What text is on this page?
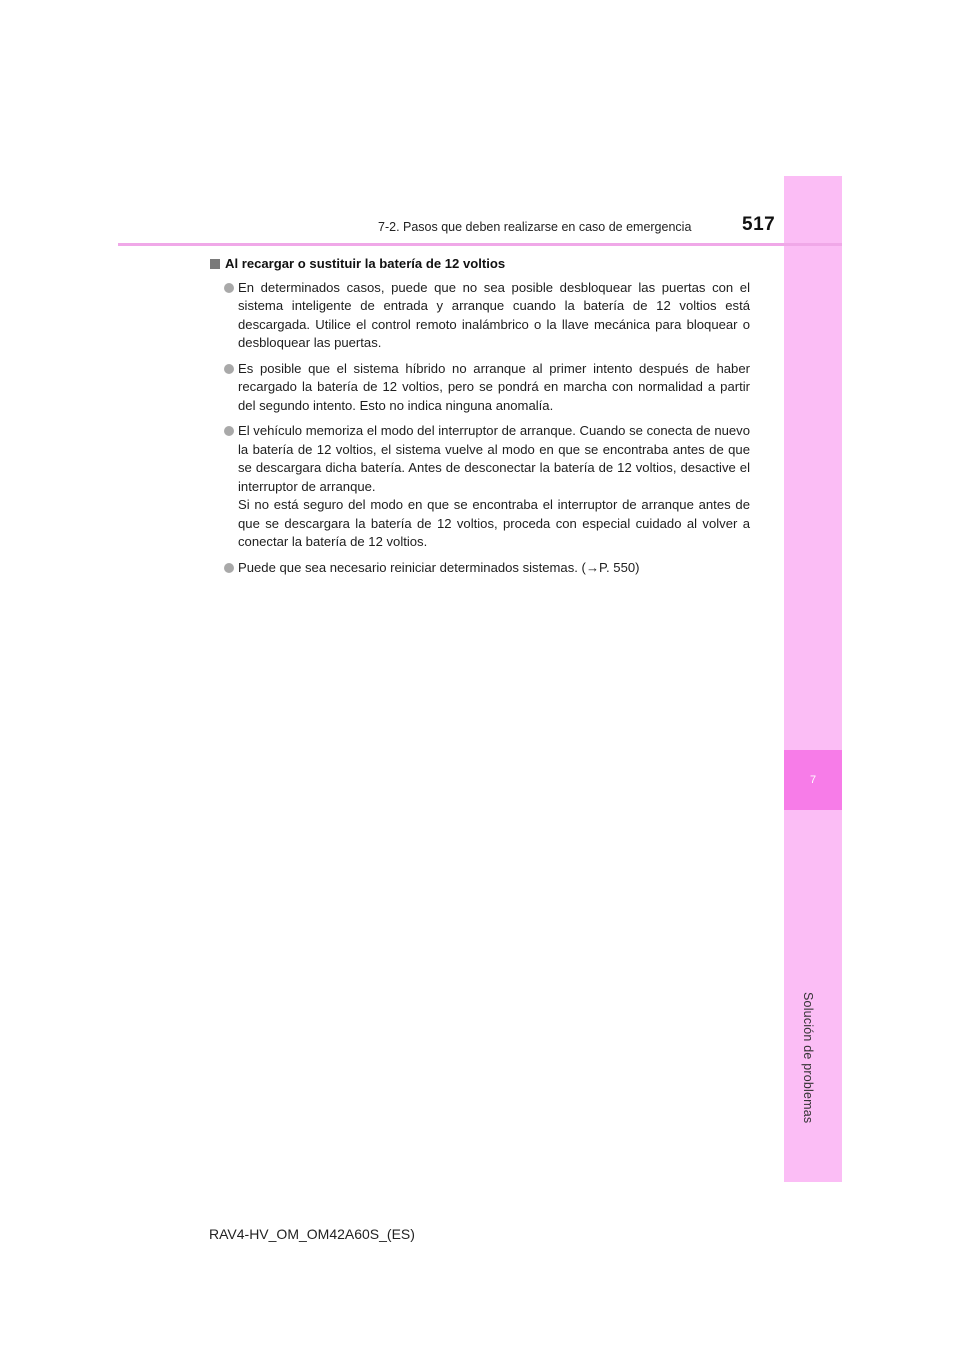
7
Solución de problemas
7-2. Pasos que deben realizarse en caso de emergencia	517
Al recargar o sustituir la batería de 12 voltios

En determinados casos, puede que no sea posible desbloquear las puertas con el sistema inteligente de entrada y arranque cuando la batería de 12 voltios está descargada. Utilice el control remoto inalámbrico o la llave mecánica para bloquear o desbloquear las puertas.

Es posible que el sistema híbrido no arranque al primer intento después de haber recargado la batería de 12 voltios, pero se pondrá en marcha con normalidad a partir del segundo intento. Esto no indica ninguna anomalía.

El vehículo memoriza el modo del interruptor de arranque. Cuando se conecta de nuevo la batería de 12 voltios, el sistema vuelve al modo en que se encontraba antes de que se descargara dicha batería. Antes de desconectar la batería de 12 voltios, desactive el interruptor de arranque.

Si no está seguro del modo en que se encontraba el interruptor de arranque antes de que se descargara la batería de 12 voltios, proceda con especial cuidado al volver a conectar la batería de 12 voltios.

Puede que sea necesario reiniciar determinados sistemas. (→P. 550)

RAV4-HV_OM_OM42A60S_(ES)
